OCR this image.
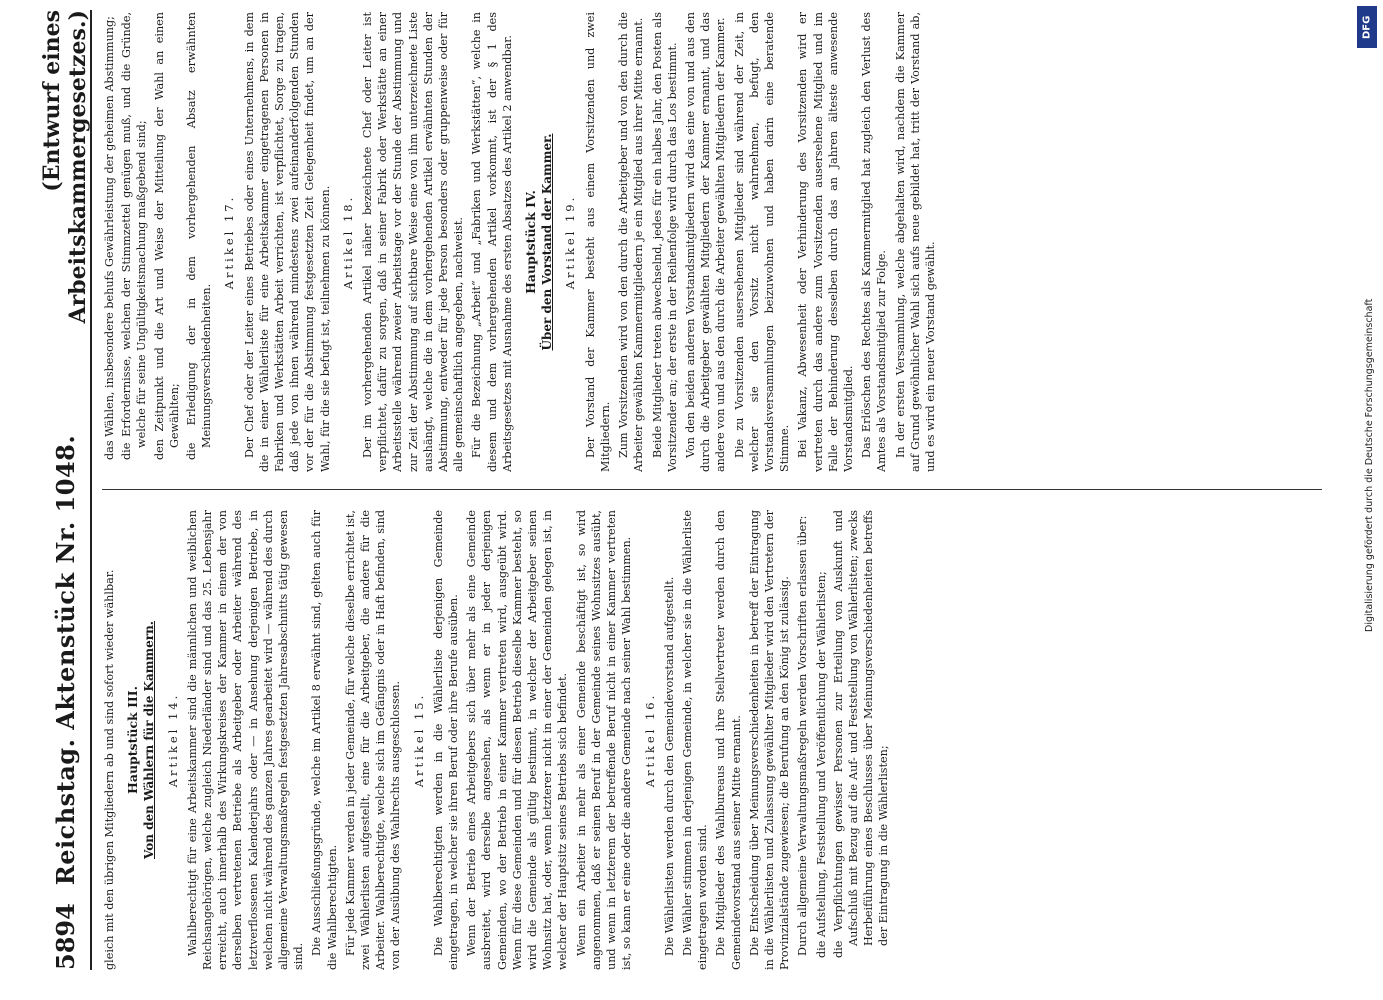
5894
Reichstag. Aktenstück Nr. 1048.
(Entwurf eines Arbeitskammergesetzes.)

gleich mit den übrigen Mitgliedern ab und sind sofort wieder wählbar. Hauptstück III. Von den Wählern für die Kammern. Artikel 14. Wahlberechtigt für eine Arbeitskammer sind die männlichen und weiblichen Reichsangehörigen, welche zugleich Niederländer sind und das 25. Lebensjahr erreicht, auch innerhalb des Wirkungskreises der Kammer in einem der von derselben vertretenen Betriebe als Arbeitgeber oder Arbeiter während des letztverflossenen Kalenderjahrs oder — in Ansehung derjenigen Betriebe, in welchen nicht während des ganzen Jahres gearbeitet wird — während des durch allgemeine Verwaltungsmaßregeln festgesetzten Jahresabschnitts tätig gewesen sind.

Die Ausschließungsgründe, welche im Artikel 8 erwähnt sind, gelten auch für die Wahlberechtigten. Für jede Kammer werden in jeder Gemeinde, für welche dieselbe errichtet ist, zwei Wählerlisten aufgestellt, eine für die Arbeitgeber, die andere für die Arbeiter. Wahlberechtigte, welche sich im Gefängnis oder in Haft befinden, sind von der Ausübung des Wahlrechts ausgeschlossen. Artikel 15. Die Wahlberechtigten werden in die Wählerliste derjenigen Gemeinde eingetragen, in welcher sie ihren Beruf oder ihre Berufe ausüben. Wenn der Betrieb eines Arbeitgebers sich über mehr als eine Gemeinde ausbreitet, wird derselbe angesehen, als wenn er in jeder derjenigen Gemeinden, wo der Betrieb in einer Kammer vertreten wird, ausgeübt wird. Wenn für diese Gemeinden und für diesen Betrieb dieselbe Kammer besteht, so wird die Gemeinde als gültig bestimmt, in welcher der Arbeitgeber seinen Wohnsitz hat, oder, wenn letzterer nicht in einer der Gemeinden gelegen ist, in welcher der Hauptsitz seines Betriebs sich befindet. Wenn ein Arbeiter in mehr als einer Gemeinde beschäftigt ist, so wird angenommen, daß er seinen Beruf in der Gemeinde seines Wohnsitzes ausübt, und wenn in letzterem der betreffende Beruf nicht in einer Kammer vertreten ist, so kann er eine oder die andere Gemeinde nach seiner Wahl bestimmen. Artikel 16. Die Wählerlisten werden durch den Gemeindevorstand aufgestellt. Die Wähler stimmen in derjenigen Gemeinde, in welcher sie in die Wählerliste eingetragen worden sind. Die Mitglieder des Wahlbureaus und ihre Stellvertreter werden durch den Gemeindevorstand aus seiner Mitte ernannt. Die Entscheidung über Meinungsverschiedenheiten in betreff der Eintragung in die Wählerlisten und Zulassung gewählter Mitglieder wird den Vertretern der Provinzialstände zugewiesen; die Berufung an den König ist zulässig. Durch allgemeine Verwaltungsmaßregeln werden Vorschriften erlassen über: die Aufstellung, Feststellung und Veröffentlichung der Wählerlisten; die Verpflichtungen gewisser Personen zur Erteilung von Auskunft und Aufschluß mit Bezug auf die Auf- und Feststellung von Wählerlisten; zwecks Herbeiführung eines Beschlusses über Meinungsverschiedenheiten betreffs der Eintragung in die Wählerlisten;
das Wählen, insbesondere behufs Gewährleistung der geheimen Abstimmung; die Erfordernisse, welchen der Stimmzettel genügen muß, und die Gründe, welche für seine Ungültigkeitsmachung maßgebend sind; den Zeitpunkt und die Art und Weise der Mitteilung der Wahl an einen Gewählten; die Erledigung der in dem vorhergehenden Absatz erwähnten Meinungsverschiedenheiten.
Artikel 17. Der Chef oder der Leiter eines Betriebes oder eines Unternehmens, in dem die in einer Wählerliste für eine Arbeitskammer eingetragenen Personen in Fabriken und Werkstätten Arbeit verrichten, ist verpflichtet, Sorge zu tragen, daß jede von ihnen während mindestens zwei aufeinanderfolgenden Stunden vor der für die Abstimmung festgesetzten Zeit Gelegenheit findet, um an der Wahl, für die sie befugt ist, teilnehmen zu können. Artikel 18. Der im vorhergehenden Artikel näher bezeichnete Chef oder Leiter ist verpflichtet, dafür zu sorgen, daß in seiner Fabrik oder Werkstätte an einer Arbeitsstelle während zweier Arbeitstage vor der Stunde der Abstimmung und zur Zeit der Abstimmung auf sichtbare Weise eine von ihm unterzeichnete Liste aushängt, welche die in dem vorhergehenden Artikel erwähnten Stunden der Abstimmung, entweder für jede Person besonders oder gruppenweise oder für alle gemeinschaftlich angegeben, nachweist. Für die Bezeichnung „Arbeit“ und „Fabriken und Werkstätten“, welche in diesem und dem vorhergehenden Artikel vorkommt, ist der § 1 des Arbeitsgesetzes mit Ausnahme des ersten Absatzes des Artikel 2 anwendbar. Hauptstück IV. Über den Vorstand der Kammer. Artikel 19. Der Vorstand der Kammer besteht aus einem Vorsitzenden und zwei Mitgliedern. Zum Vorsitzenden wird von den durch die Arbeitgeber und von den durch die Arbeiter gewählten Kammermitgliedern je ein Mitglied aus ihrer Mitte ernannt. Beide Mitglieder treten abwechselnd, jedes für ein halbes Jahr, den Posten als Vorsitzender an; der erste in der Reihenfolge wird durch das Los bestimmt. Von den beiden anderen Vorstandsmitgliedern wird das eine von und aus den durch die Arbeitgeber gewählten Mitgliedern der Kammer ernannt, und das andere von und aus den durch die Arbeiter gewählten Mitgliedern der Kammer. Die zu Vorsitzenden ausersehenen Mitglieder sind während der Zeit, in welcher sie den Vorsitz nicht wahrnehmen, befugt, den Vorstandsversammlungen beizuwohnen und haben darin eine beratende Stimme. Bei Vakanz, Abwesenheit oder Verhinderung des Vorsitzenden wird er vertreten durch das andere zum Vorsitzenden ausersehene Mitglied und im Falle der Behinderung desselben durch das an Jahren älteste anwesende Vorstandsmitglied. Das Erlöschen des Rechtes als Kammermitglied hat zugleich den Verlust des Amtes als Vorstandsmitglied zur Folge. In der ersten Versammlung, welche abgehalten wird, nachdem die Kammer auf Grund gewöhnlicher Wahl sich aufs neue gebildet hat, tritt der Vorstand ab, und es wird ein neuer Vorstand gewählt.

DFG
Digitalisierung gefördert durch die Deutsche Forschungsgemeinschaft
